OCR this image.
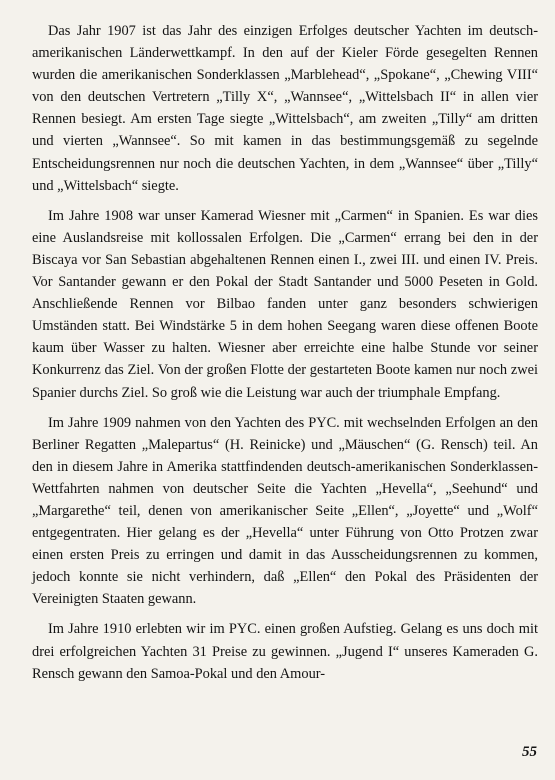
Das Jahr 1907 ist das Jahr des einzigen Erfolges deutscher Yachten im deutsch-amerikanischen Länderwettkampf. In den auf der Kieler Förde gesegelten Rennen wurden die amerikanischen Sonderklassen „Marblehead“, „Spokane“, „Chewing VIII“ von den deutschen Vertretern „Tilly X“, „Wannsee“, „Wittelsbach II“ in allen vier Rennen besiegt. Am ersten Tage siegte „Wittelsbach“, am zweiten „Tilly“ am dritten und vierten „Wannsee“. So mit kamen in das bestimmungsgemäß zu segelnde Entscheidungsrennen nur noch die deutschen Yachten, in dem „Wannsee“ über „Tilly“ und „Wittelsbach“ siegte.

Im Jahre 1908 war unser Kamerad Wiesner mit „Carmen“ in Spanien. Es war dies eine Auslandsreise mit kollossalen Erfolgen. Die „Carmen“ errang bei den in der Biscaya vor San Sebastian abgehaltenen Rennen einen I., zwei III. und einen IV. Preis. Vor Santander gewann er den Pokal der Stadt Santander und 5000 Peseten in Gold. Anschließende Rennen vor Bilbao fanden unter ganz besonders schwierigen Umständen statt. Bei Windstärke 5 in dem hohen Seegang waren diese offenen Boote kaum über Wasser zu halten. Wiesner aber erreichte eine halbe Stunde vor seiner Konkurrenz das Ziel. Von der großen Flotte der gestarteten Boote kamen nur noch zwei Spanier durchs Ziel. So groß wie die Leistung war auch der triumphale Empfang.

Im Jahre 1909 nahmen von den Yachten des PYC. mit wechselnden Erfolgen an den Berliner Regatten „Malepartus“ (H. Reinicke) und „Mäuschen“ (G. Rensch) teil. An den in diesem Jahre in Amerika stattfindenden deutsch-amerikanischen Sonderklassen-Wettfahrten nahmen von deutscher Seite die Yachten „Hevella“, „Seehund“ und „Margarethe“ teil, denen von amerikanischer Seite „Ellen“, „Joyette“ und „Wolf“ entgegentraten. Hier gelang es der „Hevella“ unter Führung von Otto Protzen zwar einen ersten Preis zu erringen und damit in das Ausscheidungsrennen zu kommen, jedoch konnte sie nicht verhindern, daß „Ellen“ den Pokal des Präsidenten der Vereinigten Staaten gewann.

Im Jahre 1910 erlebten wir im PYC. einen großen Aufstieg. Gelang es uns doch mit drei erfolgreichen Yachten 31 Preise zu gewinnen. „Jugend I“ unseres Kameraden G. Rensch gewann den Samoa-Pokal und den Amour-

55
